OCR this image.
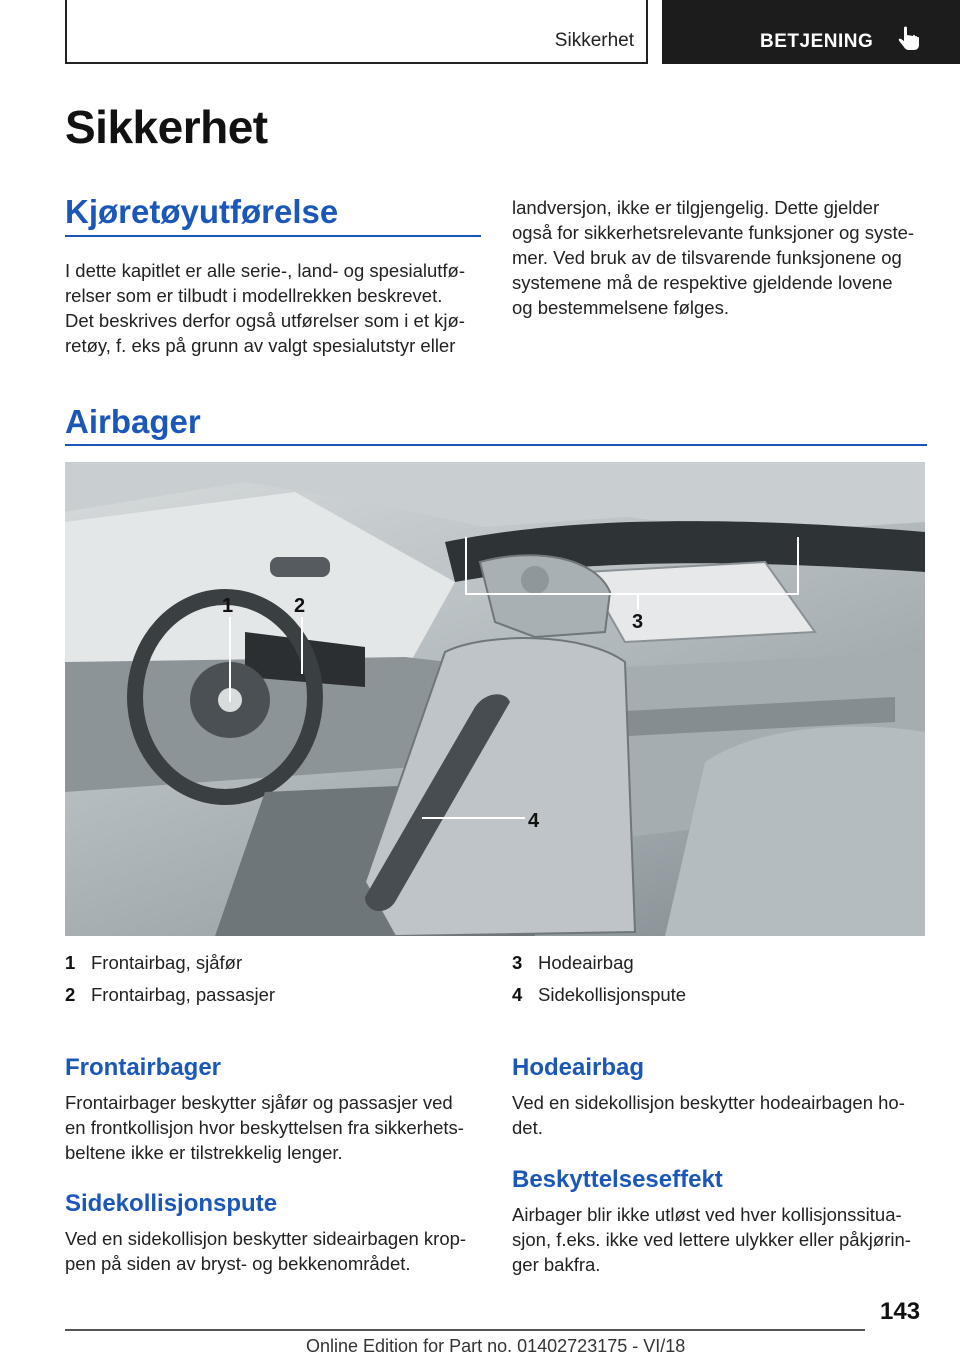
Sikkerhet	BETJENING
Sikkerhet
Kjøretøyutførelse
I dette kapitlet er alle serie-, land- og spesialutfø-
relser som er tilbudt i modellrekken beskrevet.
Det beskrives derfor også utførelser som i et kjø-
retøy, f. eks på grunn av valgt spesialutstyr eller
landversjon, ikke er tilgjengelig. Dette gjelder
også for sikkerhetsrelevante funksjoner og syste-
mer. Ved bruk av de tilsvarende funksjonene og
systemene må de respektive gjeldende lovene
og bestemmelsene følges.
Airbager
1	2
3
4
1 Frontairbag, sjåfør
2 Frontairbag, passasjer
3 Hodeairbag
4 Sidekollisjonspute
Frontairbager
Frontairbager beskytter sjåfør og passasjer ved
en frontkollisjon hvor beskyttelsen fra sikkerhets-
beltene ikke er tilstrekkelig lenger.
Sidekollisjonspute
Ved en sidekollisjon beskytter sideairbagen krop-
pen på siden av bryst- og bekkenområdet.
Hodeairbag
Ved en sidekollisjon beskytter hodeairbagen ho-
det.
Beskyttelseseffekt
Airbager blir ikke utløst ved hver kollisjonssitua-
sjon, f.eks. ikke ved lettere ulykker eller påkjørin-
ger bakfra.
143
Online Edition for Part no. 01402723175 - VI/18
